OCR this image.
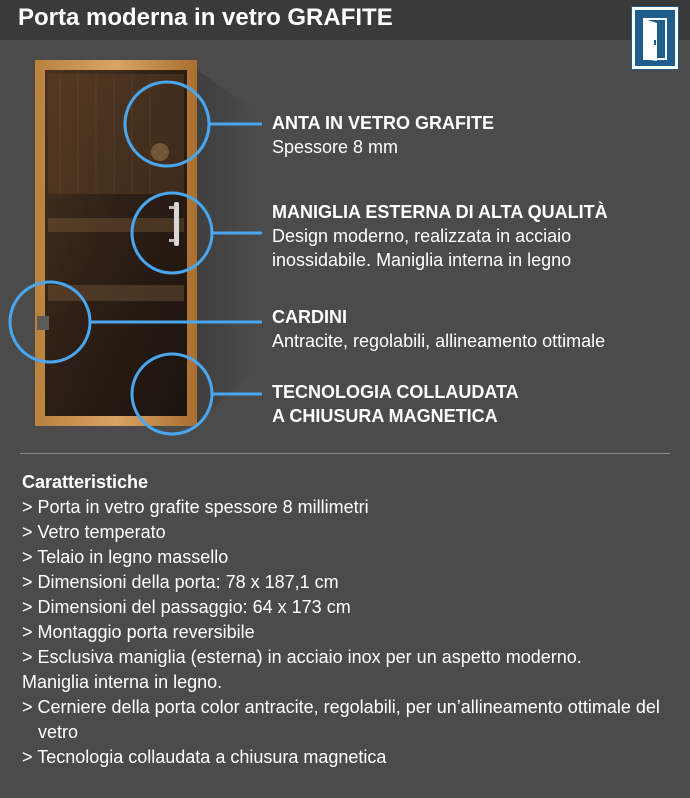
Porta moderna in vetro GRAFITE
ANTA IN VETRO GRAFITE
Spessore 8 mm
MANIGLIA ESTERNA DI ALTA QUALITÀ
Design moderno, realizzata in acciaio
inossidabile. Maniglia interna in legno
CARDINI
Antracite, regolabili, allineamento ottimale
TECNOLOGIA COLLAUDATA
A CHIUSURA MAGNETICA
Caratteristiche
> Porta in vetro grafite spessore 8 millimetri
> Vetro temperato
> Telaio in legno massello
> Dimensioni della porta: 78 x 187,1 cm
> Dimensioni del passaggio: 64 x 173 cm
> Montaggio porta reversibile
> Esclusiva maniglia (esterna) in acciaio inox per un aspetto moderno.
Maniglia interna in legno.
> Cerniere della porta color antracite, regolabili, per un’allineamento ottimale del vetro
> Tecnologia collaudata a chiusura magnetica
